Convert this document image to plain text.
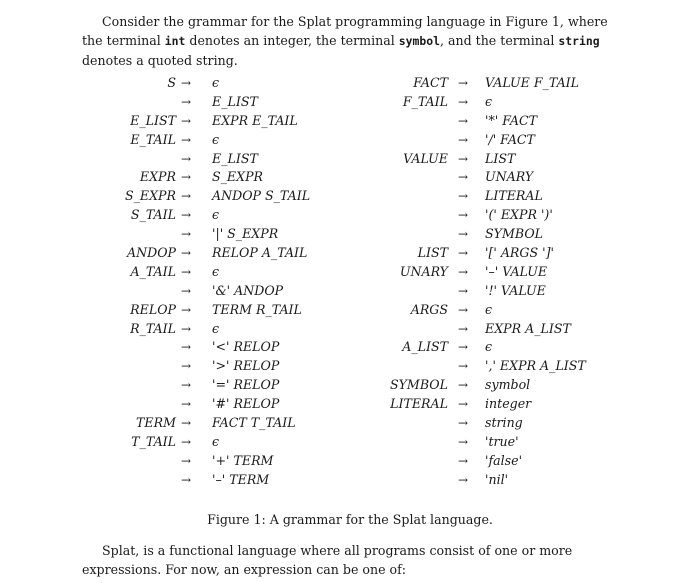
Consider the grammar for the Splat programming language in Figure 1, where the terminal int denotes an integer, the terminal symbol, and the terminal string denotes a quoted string.

S → ϵ
→ E_LIST
E_LIST → EXPR E_TAIL
E_TAIL → ϵ
→ E_LIST
EXPR → S_EXPR
S_EXPR → ANDOP S_TAIL
S_TAIL → ϵ
→ '|' S_EXPR
ANDOP → RELOP A_TAIL
A_TAIL → ϵ
→ '&' ANDOP
RELOP → TERM R_TAIL
R_TAIL → ϵ
→ '<' RELOP
→ '>' RELOP
→ '=' RELOP
→ '#' RELOP
TERM → FACT T_TAIL
T_TAIL → ϵ
→ '+' TERM
→ '–' TERM
FACT → VALUE F_TAIL
F_TAIL → ϵ
→ '*' FACT
→ '/' FACT
VALUE → LIST
→ UNARY
→ LITERAL
→ '(' EXPR ')'
→ SYMBOL
LIST → '[' ARGS ']'
UNARY → '–' VALUE
→ '!' VALUE
ARGS → ϵ
→ EXPR A_LIST
A_LIST → ϵ
→ ',' EXPR A_LIST
SYMBOL → symbol
LITERAL → integer
→ string
→ 'true'
→ 'false'
→ 'nil'
Figure 1: A grammar for the Splat language.

Splat, is a functional language where all programs consist of one or more expressions. For now, an expression can be one of:
